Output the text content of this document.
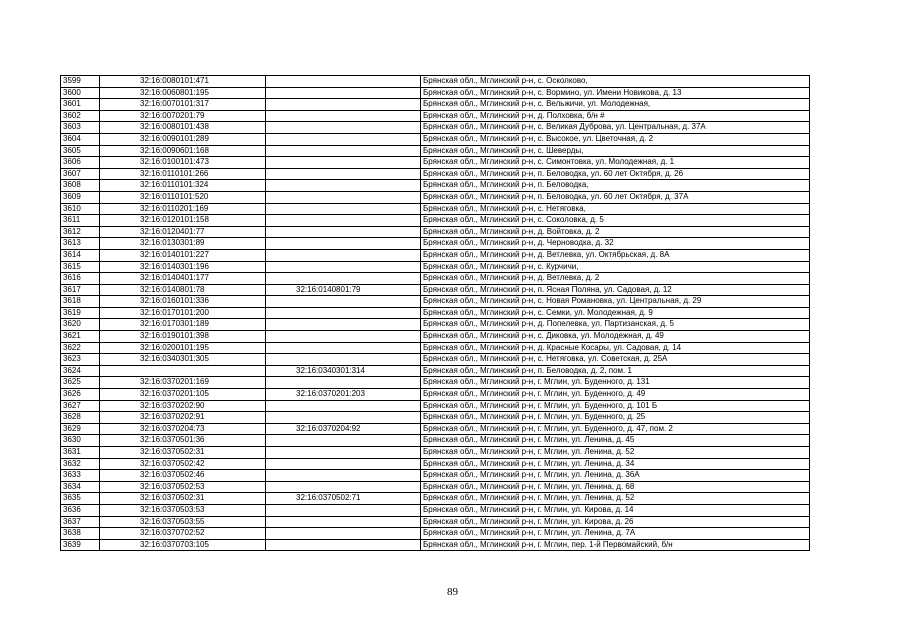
3599	32:16:0080101:471		Брянская обл., Мглинский р-н, с. Осколково,
3600	32:16:0060801:195		Брянская обл., Мглинский р-н, с. Вормино, ул. Имени Новикова, д. 13
3601	32:16:0070101:317		Брянская обл., Мглинский р-н, с. Вельжичи, ул. Молодежная,
3602	32:16:0070201:79		Брянская обл., Мглинский р-н, д. Полховка, б/н #
3603	32:16:0080101:438		Брянская обл., Мглинский р-н, с. Великая Дуброва, ул. Центральная, д. 37А
3604	32:16:0090101:289		Брянская обл., Мглинский р-н, с. Высокое, ул. Цветочная, д. 2
3605	32:16:0090601:168		Брянская обл., Мглинский р-н, с. Шеверды,
3606	32:16:0100101:473		Брянская обл., Мглинский р-н, с. Симонтовка, ул. Молодежная, д. 1
3607	32:16:0110101:266		Брянская обл., Мглинский р-н, п. Беловодка, ул. 60 лет Октября, д. 26
3608	32:16:0110101:324		Брянская обл., Мглинский р-н, п. Беловодка,
3609	32:16:0110101:520		Брянская обл., Мглинский р-н, п. Беловодка, ул. 60 лет Октября, д. 37А
3610	32:16:0110201:169		Брянская обл., Мглинский р-н, с. Нетяговка,
3611	32:16:0120101:158		Брянская обл., Мглинский р-н, с. Соколовка, д. 5
3612	32:16:0120401:77		Брянская обл., Мглинский р-н, д. Войтовка, д. 2
3613	32:16:0130301:89		Брянская обл., Мглинский р-н, д. Черноводка, д. 32
3614	32:16:0140101:227		Брянская обл., Мглинский р-н, д. Ветлевка, ул. Октябрьская, д. 8А
3615	32:16:0140301:196		Брянская обл., Мглинский р-н, с. Курчичи,
3616	32:16:0140401:177		Брянская обл., Мглинский р-н, д. Ветлевка, д. 2
3617	32:16:0140801:78	32:16:0140801:79	Брянская обл., Мглинский р-н, п. Ясная Поляна, ул. Садовая, д. 12
3618	32:16:0160101:336		Брянская обл., Мглинский р-н, с. Новая Романовка, ул. Центральная, д. 29
3619	32:16:0170101:200		Брянская обл., Мглинский р-н, с. Семки, ул. Молодежная, д. 9
3620	32:16:0170301:189		Брянская обл., Мглинский р-н, д. Попелевка, ул. Партизанская, д. 5
3621	32:16:0190101:398		Брянская обл., Мглинский р-н, с. Диковка, ул. Молодежная, д. 49
3622	32:16:0200101:195		Брянская обл., Мглинский р-н, д. Красные Косары, ул. Садовая, д. 14
3623	32:16:0340301:305		Брянская обл., Мглинский р-н, с. Нетяговка, ул. Советская, д. 25А
3624		32:16:0340301:314	Брянская обл., Мглинский р-н, п. Беловодка, д. 2, пом. 1
3625	32:16:0370201:169		Брянская обл., Мглинский р-н, г. Мглин, ул. Буденного, д. 131
3626	32:16:0370201:105	32:16:0370201:203	Брянская обл., Мглинский р-н, г. Мглин, ул. Буденного, д. 49
3627	32:16:0370202:90		Брянская обл., Мглинский р-н, г. Мглин, ул. Буденного, д. 101 Б
3628	32:16:0370202:91		Брянская обл., Мглинский р-н, г. Мглин, ул. Буденного, д. 25
3629	32:16:0370204:73	32:16:0370204:92	Брянская обл., Мглинский р-н, г. Мглин, ул. Буденного, д. 47, пом. 2
3630	32:16:0370501:36		Брянская обл., Мглинский р-н, г. Мглин, ул. Ленина, д. 45
3631	32:16:0370502:31		Брянская обл., Мглинский р-н, г. Мглин, ул. Ленина, д. 52
3632	32:16:0370502:42		Брянская обл., Мглинский р-н, г. Мглин, ул. Ленина, д. 34
3633	32:16:0370502:46		Брянская обл., Мглинский р-н, г. Мглин, ул. Ленина, д. 36А
3634	32:16:0370502:53		Брянская обл., Мглинский р-н, г. Мглин, ул. Ленина, д. 68
3635	32:16:0370502:31	32:16:0370502:71	Брянская обл., Мглинский р-н, г. Мглин, ул. Ленина, д. 52
3636	32:16:0370503:53		Брянская обл., Мглинский р-н, г. Мглин, ул. Кирова, д. 14
3637	32:16:0370503:55		Брянская обл., Мглинский р-н, г. Мглин, ул. Кирова, д. 26
3638	32:16:0370702:52		Брянская обл., Мглинский р-н, г. Мглин, ул. Ленина, д. 7А
3639	32:16:0370703:105		Брянская обл., Мглинский р-н, г. Мглин, пер. 1-й Первомайский, б/н
89
